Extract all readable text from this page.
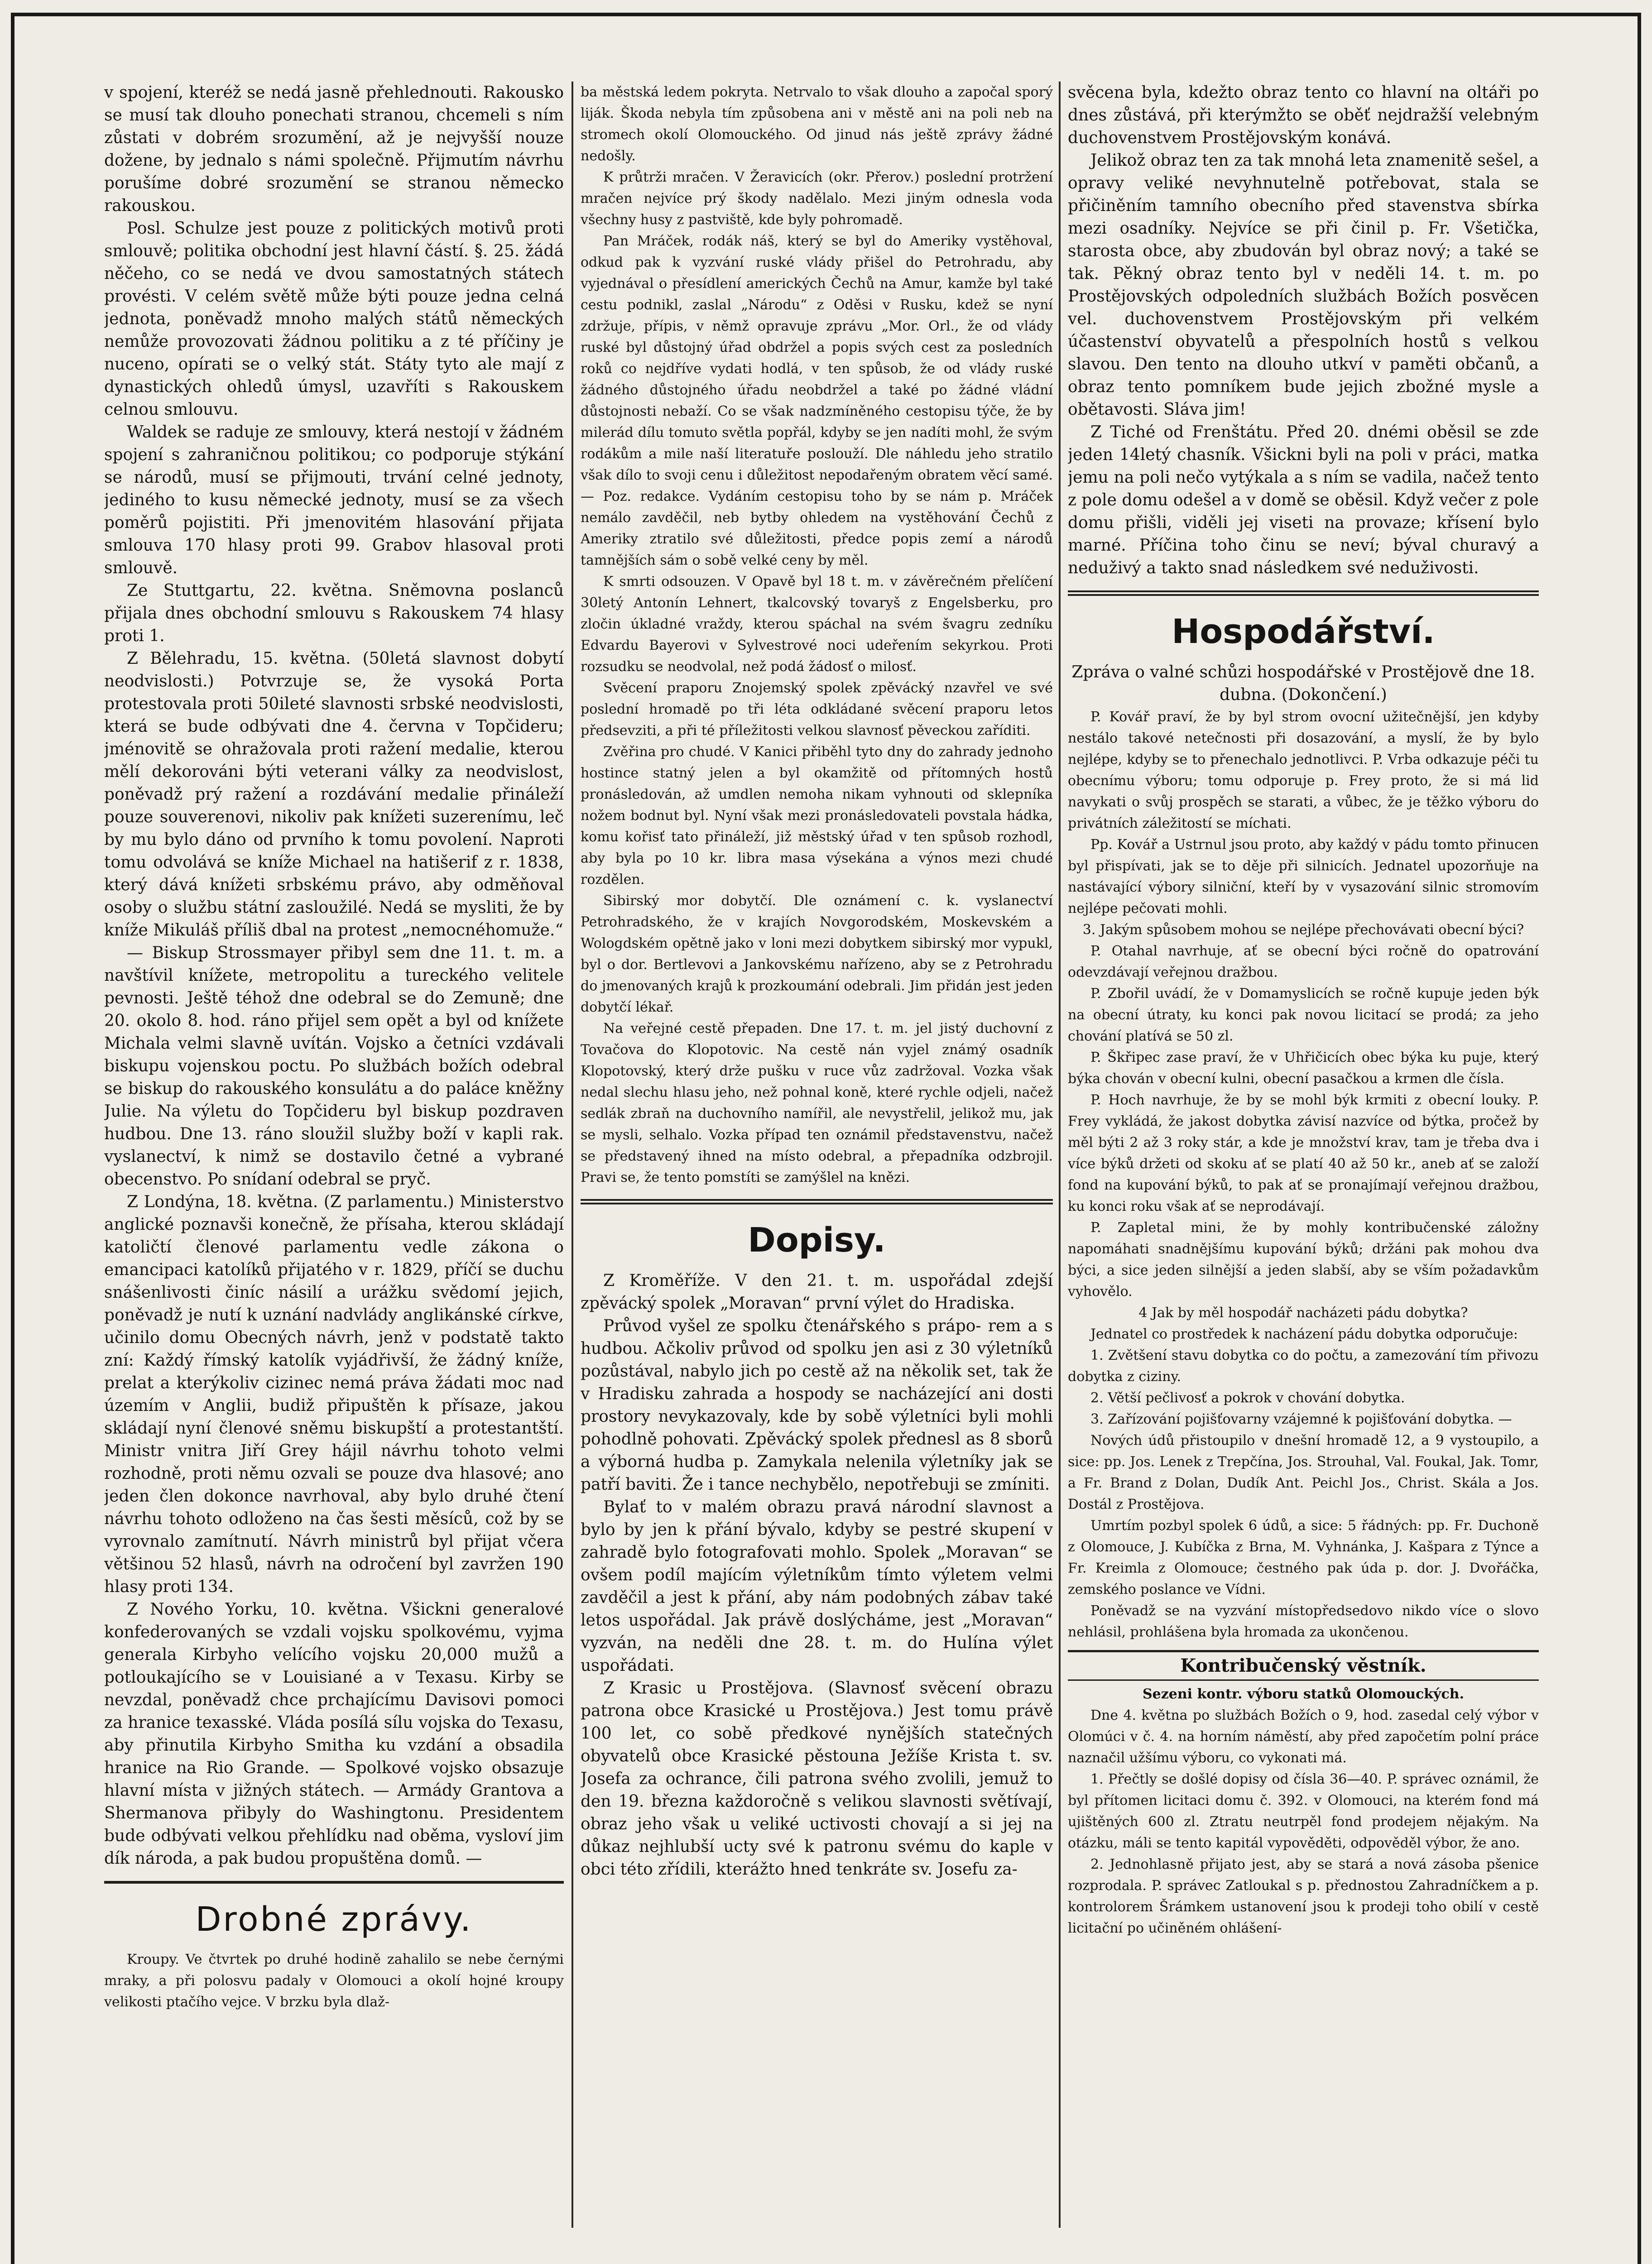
v spojení, kteréž se nedá jasně přehlednouti. Rakousko se musí tak dlouho ponechati stranou, chcemeli s ním zůstati v dobrém srozumění, až je nejvyšší nouze dožene, by jednalo s námi společně. Přijmutím návrhu porušíme dobré srozumění se stranou německo rakouskou.

Posl. Schulze jest pouze z politických motivů proti smlouvě; politika obchodní jest hlavní částí. §. 25. žádá něčeho, co se nedá ve dvou samostatných státech provésti. V celém světě může býti pouze jedna celná jednota, poněvadž mnoho malých států německých nemůže provozovati žádnou politiku a z té příčiny je nuceno, opírati se o velký stát. Státy tyto ale mají z dynastických ohledů úmysl, uzavříti s Rakouskem celnou smlouvu.

Waldek se raduje ze smlouvy, která nestojí v žádném spojení s zahraničnou politikou; co podporuje stýkání se národů, musí se přijmouti, trvání celné jednoty, jediného to kusu německé jednoty, musí se za všech poměrů pojistiti. Při jmenovitém hlasování přijata smlouva 170 hlasy proti 99. Grabov hlasoval proti smlouvě.

Ze Stuttgartu, 22. května. Sněmovna poslanců přijala dnes obchodní smlouvu s Rakouskem 74 hlasy proti 1.

Z Bělehradu, 15. května. (50letá slavnost dobytí neodvislosti.) Potvrzuje se, že vysoká Porta protestovala proti 50ileté slavnosti srbské neodvislosti, která se bude odbývati dne 4. června v Topčideru; jménovitě se ohražovala proti ražení medalie, kterou mělí dekorováni býti veterani války za neodvislost, poněvadž prý ražení a rozdávání medalie přináleží pouze souverenovi, nikoliv pak knížeti suzerenímu, leč by mu bylo dáno od prvního k tomu povolení. Naproti tomu odvolává se kníže Michael na hatišerif z r. 1838, který dává knížeti srbskému právo, aby odměňoval osoby o službu státní zasloužilé. Nedá se mysliti, že by kníže Mikuláš příliš dbal na protest „nemocnéhomuže.“

— Biskup Strossmayer přibyl sem dne 11. t. m. a navštívil knížete, metropolitu a tureckého velitele pevnosti. Ještě téhož dne odebral se do Zemuně; dne 20. okolo 8. hod. ráno přijel sem opět a byl od knížete Michala velmi slavně uvítán. Vojsko a četníci vzdávali biskupu vojenskou poctu. Po službách božích odebral se biskup do rakouského konsulátu a do paláce kněžny Julie. Na výletu do Topčideru byl biskup pozdraven hudbou. Dne 13. ráno sloužil služby boží v kapli rak. vyslanectví, k nimž se dostavilo četné a vybrané obecenstvo. Po snídaní odebral se pryč.

Z Londýna, 18. května. (Z parlamentu.) Ministerstvo anglické poznavši konečně, že přísaha, kterou skládají katoličtí členové parlamentu vedle zákona o emancipaci katolíků přijatého v r. 1829, příčí se duchu snášenlivosti činíc násilí a urážku svědomí jejich, poněvadž je nutí k uznání nadvlády anglikánské církve, učinilo domu Obecných návrh, jenž v podstatě takto zní: Každý římský katolík vyjádřivší, že žádný kníže, prelat a kterýkoliv cizinec nemá práva žádati moc nad územím v Anglii, budiž připuštěn k přísaze, jakou skládají nyní členové sněmu biskupští a protestantští. Ministr vnitra Jiří Grey hájil návrhu tohoto velmi rozhodně, proti němu ozvali se pouze dva hlasové; ano jeden člen dokonce navrhoval, aby bylo druhé čtení návrhu tohoto odloženo na čas šesti měsíců, což by se vyrovnalo zamítnutí. Návrh ministrů byl přijat včera většinou 52 hlasů, návrh na odročení byl zavržen 190 hlasy proti 134.

Z Nového Yorku, 10. května. Všickni generalové konfederovaných se vzdali vojsku spolkovému, vyjma generala Kirbyho velícího vojsku 20,000 mužů a potloukajícího se v Louisiané a v Texasu. Kirby se nevzdal, poněvadž chce prchajícímu Davisovi pomoci za hranice texasské. Vláda posílá sílu vojska do Texasu, aby přinutila Kirbyho Smitha ku vzdání a obsadila hranice na Rio Grande. — Spolkové vojsko obsazuje hlavní místa v jižných státech. — Armády Grantova a Shermanova přibyly do Washingtonu. Presidentem bude odbývati velkou přehlídku nad oběma, vysloví jim dík národa, a pak budou propuštěna domů. —

Drobné zprávy.

Kroupy. Ve čtvrtek po druhé hodině zahalilo se nebe černými mraky, a při polosvu padaly v Olomouci a okolí hojné kroupy velikosti ptačího vejce. V brzku byla dlaž-

ba městská ledem pokryta. Netrvalo to však dlouho a započal sporý liják. Škoda nebyla tím způsobena ani v městě ani na poli neb na stromech okolí Olomouckého. Od jinud nás ještě zprávy žádné nedošly.

K průtrži mračen. V Žeravicích (okr. Přerov.) poslední protržení mračen nejvíce prý škody nadělalo. Mezi jiným odnesla voda všechny husy z pastviště, kde byly pohromadě.

Pan Mráček, rodák náš, který se byl do Ameriky vystěhoval, odkud pak k vyzvání ruské vlády přišel do Petrohradu, aby vyjednával o přesídlení amerických Čechů na Amur, kamže byl také cestu podnikl, zaslal „Národu“ z Oděsi v Rusku, kdež se nyní zdržuje, přípis, v němž opravuje zprávu „Mor. Orl., že od vlády ruské byl důstojný úřad obdržel a popis svých cest za posledních roků co nejdříve vydati hodlá, v ten spůsob, že od vlády ruské žádného důstojného úřadu neobdržel a také po žádné vládní důstojnosti nebaží. Co se však nadzmíněného cestopisu týče, že by milerád dílu tomuto světla popřál, kdyby se jen nadíti mohl, že svým rodákům a mile naší literatuře poslouží. Dle náhledu jeho stratilo však dílo to svoji cenu i důležitost nepodařeným obratem věcí samé. — Poz. redakce. Vydáním cestopisu toho by se nám p. Mráček nemálo zavděčil, neb bytby ohledem na vystěhování Čechů z Ameriky ztratilo své důležitosti, předce popis zemí a národů tamnějších sám o sobě velké ceny by měl.

K smrti odsouzen. V Opavě byl 18 t. m. v závěrečném přelíčení 30letý Antonín Lehnert, tkalcovský tovaryš z Engelsberku, pro zločin úkladné vraždy, kterou spáchal na svém švagru zedníku Edvardu Bayerovi v Sylvestrové noci udeřením sekyrkou. Proti rozsudku se neodvolal, než podá žádosť o milosť.

Svěcení praporu Znojemský spolek zpěvácký nzavřel ve své poslední hromadě po tři léta odkládané svěcení praporu letos předsevziti, a při té příležitosti velkou slavnosť pěveckou zaříditi.

Zvěřina pro chudé. V Kanici přiběhl tyto dny do zahrady jednoho hostince statný jelen a byl okamžitě od přítomných hostů pronásledován, až umdlen nemoha nikam vyhnouti od sklepníka nožem bodnut byl. Nyní však mezi pronásledovateli povstala hádka, komu kořisť tato přináleží, již městský úřad v ten spůsob rozhodl, aby byla po 10 kr. libra masa výsekána a výnos mezi chudé rozdělen.

Sibirský mor dobytčí. Dle oznámení c. k. vyslanectví Petrohradského, že v krajích Novgorodském, Moskevském a Wologdském opětně jako v loni mezi dobytkem sibirský mor vypukl, byl o dor. Bertlevovi a Jankovskému nařízeno, aby se z Petrohradu do jmenovaných krajů k prozkoumání odebrali. Jim přidán jest jeden dobytčí lékař.

Na veřejné cestě přepaden. Dne 17. t. m. jel jistý duchovní z Tovačova do Klopotovic. Na cestě nán vyjel známý osadník Klopotovský, který drže pušku v ruce vůz zadržoval. Vozka však nedal slechu hlasu jeho, než pohnal koně, které rychle odjeli, načež sedlák zbraň na duchovního namířil, ale nevystřelil, jelikož mu, jak se mysli, selhalo. Vozka případ ten oznámil představenstvu, načež se představený ihned na místo odebral, a přepadníka odzbrojil. Pravi se, že tento pomstíti se zamýšlel na knězi.

Dopisy.

Z Kroměříže. V den 21. t. m. uspořádal zdejší zpěvácký spolek „Moravan“ první výlet do Hradiska.

Průvod vyšel ze spolku čtenářského s prápo- rem a s hudbou. Ačkoliv průvod od spolku jen asi z 30 výletníků pozůstával, nabylo jich po cestě až na několik set, tak že v Hradisku zahrada a hospody se nacházející ani dosti prostory nevykazovaly, kde by sobě výletníci byli mohli pohodlně pohovati. Zpěvácký spolek přednesl as 8 sborů a výborná hudba p. Zamykala nelenila výletníky jak se patří baviti. Že i tance nechybělo, nepotřebuji se zmíniti.

Bylať to v malém obrazu pravá národní slavnost a bylo by jen k přání bývalo, kdyby se pestré skupení v zahradě bylo fotografovati mohlo. Spolek „Moravan“ se ovšem podíl majícím výletníkům tímto výletem velmi zavděčil a jest k přání, aby nám podobných zábav také letos uspořádal. Jak právě doslýcháme, jest „Moravan“ vyzván, na neděli dne 28. t. m. do Hulína výlet uspořádati.

Z Krasic u Prostějova. (Slavnosť svěcení obrazu patrona obce Krasické u Prostějova.) Jest tomu právě 100 let, co sobě předkové nynějších statečných obyvatelů obce Krasické pěstouna Ježíše Krista t. sv. Josefa za ochrance, čili patrona svého zvolili, jemuž to den 19. března každoročně s velikou slavnosti světívají, obraz jeho však u veliké uctivosti chovají a si jej na důkaz nejhlubší ucty své k patronu svému do kaple v obci této zřídili, kterážto hned tenkráte sv. Josefu za-

svěcena byla, kdežto obraz tento co hlavní na oltáři po dnes zůstává, při kterýmžto se oběť nejdražší velebným duchovenstvem Prostějovským konává.

Jelikož obraz ten za tak mnohá leta znamenitě sešel, a opravy veliké nevyhnutelně potřebovat, stala se přičiněním tamního obecního před stavenstva sbírka mezi osadníky. Nejvíce se při činil p. Fr. Všetička, starosta obce, aby zbudován byl obraz nový; a také se tak. Pěkný obraz tento byl v neděli 14. t. m. po Prostějovských odpoledních službách Božích posvěcen vel. duchovenstvem Prostějovským při velkém účastenství obyvatelů a přespolních hostů s velkou slavou. Den tento na dlouho utkví v paměti občanů, a obraz tento pomníkem bude jejich zbožné mysle a obětavosti. Sláva jim!

Z Tiché od Frenštátu. Před 20. dnémi oběsil se zde jeden 14letý chasník. Všickni byli na poli v práci, matka jemu na poli nečo vytýkala a s ním se vadila, načež tento z pole domu odešel a v domě se oběsil. Když večer z pole domu přišli, viděli jej viseti na provaze; křísení bylo marné. Příčina toho činu se neví; býval churavý a neduživý a takto snad následkem své neduživosti.

Hospodářství.

Zpráva o valné schůzi hospodářské v Prostějově dne 18. dubna. (Dokončení.)

P. Kovář praví, že by byl strom ovocní užitečnější, jen kdyby nestálo takové netečnosti při dosazování, a myslí, že by bylo nejlépe, kdyby se to přenechalo jednotlivci. P. Vrba odkazuje péči tu obecnímu výboru; tomu odporuje p. Frey proto, že si má lid navykati o svůj prospěch se starati, a vůbec, že je těžko výboru do privátních záležitostí se míchati.

Pp. Kovář a Ustrnul jsou proto, aby každý v pádu tomto přinucen byl přispívati, jak se to děje při silnicích. Jednatel upozorňuje na nastávající výbory silniční, kteří by v vysazování silnic stromovím nejlépe pečovati mohli.

3. Jakým spůsobem mohou se nejlépe přechovávati obecní býci?

P. Otahal navrhuje, ať se obecní býci ročně do opatrování odevzdávají veřejnou dražbou.

P. Zbořil uvádí, že v Domamyslicích se ročně kupuje jeden býk na obecní útraty, ku konci pak novou licitací se prodá; za jeho chování platívá se 50 zl.

P. Škřipec zase praví, že v Uhřičicích obec býka ku puje, který býka chován v obecní kulni, obecní pasačkou a krmen dle čísla.

P. Hoch navrhuje, že by se mohl býk krmiti z obecní louky. P. Frey vykládá, že jakost dobytka závisí nazvíce od býtka, pročež by měl býti 2 až 3 roky stár, a kde je množství krav, tam je třeba dva i více býků držeti od skoku ať se platí 40 až 50 kr., aneb ať se založí fond na kupování býků, to pak ať se pronajímají veřejnou dražbou, ku konci roku však ať se neprodávají.

P. Zapletal mini, že by mohly kontribučenské záložny napomáhati snadnějšímu kupování býků; držáni pak mohou dva býci, a sice jeden silnější a jeden slabší, aby se vším požadavkům vyhovělo.

4 Jak by měl hospodář nacházeti pádu dobytka?

Jednatel co prostředek k nacházení pádu dobytka odporučuje:

1. Zvětšení stavu dobytka co do počtu, a zamezování tím přivozu dobytka z ciziny.

2. Větší pečlivosť a pokrok v chování dobytka.

3. Zařízování pojišťovarny vzájemné k pojišťování dobytka. —

Nových údů přistoupilo v dnešní hromadě 12, a 9 vystoupilo, a sice: pp. Jos. Lenek z Trepčína, Jos. Strouhal, Val. Foukal, Jak. Tomr, a Fr. Brand z Dolan, Dudík Ant. Peichl Jos., Christ. Skála a Jos. Dostál z Prostějova.

Umrtím pozbyl spolek 6 údů, a sice: 5 řádných: pp. Fr. Duchoně z Olomouce, J. Kubíčka z Brna, M. Vyhnánka, J. Kašpara z Týnce a Fr. Kreimla z Olomouce; čestného pak úda p. dor. J. Dvořáčka, zemského poslance ve Vídni.

Poněvadž se na vyzvání místopředsedovo nikdo více o slovo nehlásil, prohlášena byla hromada za ukončenou.

Kontribučenský věstník.

Sezeni kontr. výboru statků Olomouckých.

Dne 4. května po službách Božích o 9, hod. zasedal celý výbor v Olomúci v č. 4. na horním náměstí, aby před započetím polní práce naznačil užšímu výboru, co vykonati má.

1. Přečtly se došlé dopisy od čísla 36—40. P. správec oznámil, že byl přítomen licitaci domu č. 392. v Olomouci, na kterém fond má ujištěných 600 zl. Ztratu neutrpěl fond prodejem nějakým. Na otázku, máli se tento kapitál vypověděti, odpověděl výbor, že ano.

2. Jednohlasně přijato jest, aby se stará a nová zásoba pšenice rozprodala. P. správec Zatloukal s p. přednostou Zahradníčkem a p. kontrolorem Šrámkem ustanovení jsou k prodeji toho obilí v cestě licitační po učiněném ohlášení-
